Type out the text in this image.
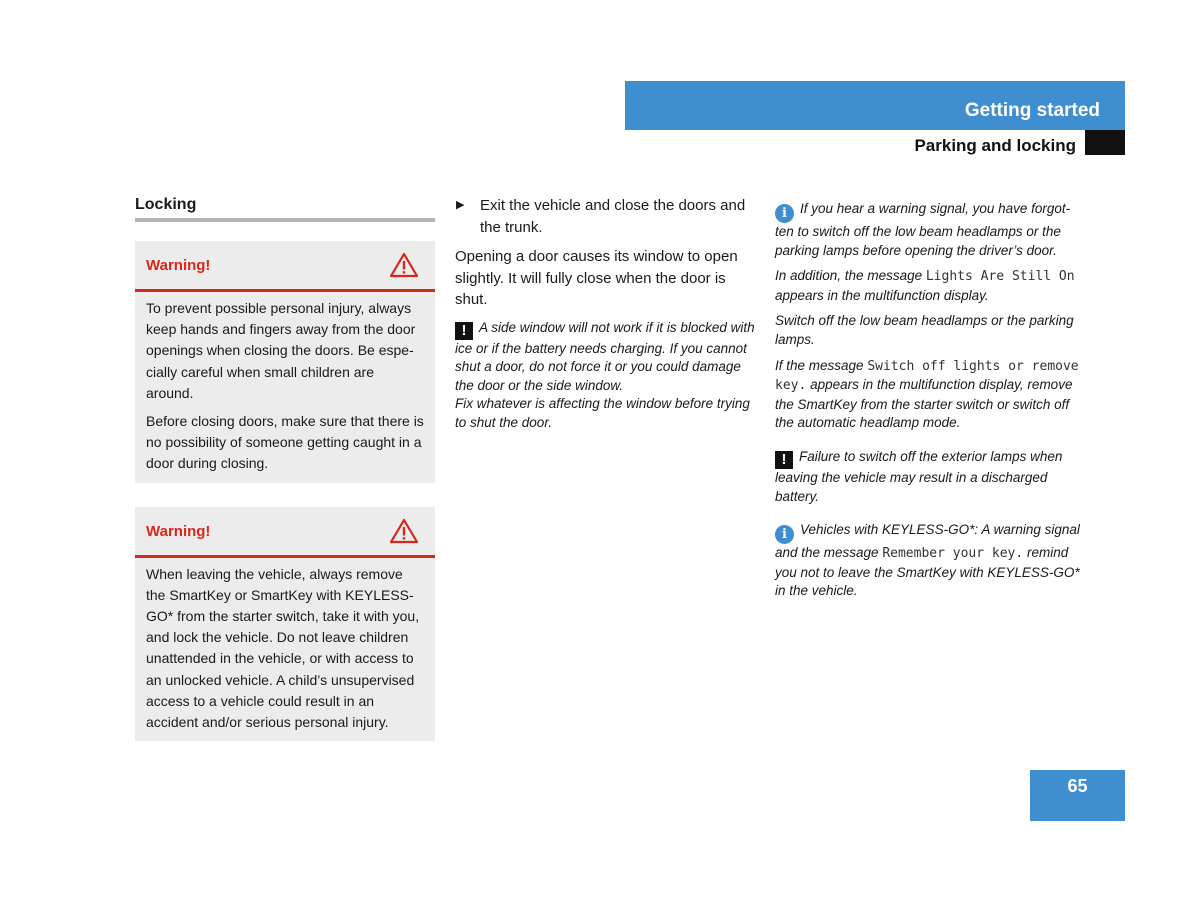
Getting started
Parking and locking
Locking
Warning!

To prevent possible personal injury, always keep hands and fingers away from the door openings when closing the doors. Be espe-cially careful when small children are around.

Before closing doors, make sure that there is no possibility of someone getting caught in a door during closing.

Warning!

When leaving the vehicle, always remove the SmartKey or SmartKey with KEYLESS-GO* from the starter switch, take it with you, and lock the vehicle. Do not leave children unattended in the vehicle, or with access to an unlocked vehicle. A child’s unsupervised access to a vehicle could result in an accident and/or serious personal injury.

▶ Exit the vehicle and close the doors and the trunk.

Opening a door causes its window to open slightly. It will fully close when the door is shut.

! A side window will not work if it is blocked with ice or if the battery needs charging. If you cannot shut a door, do not force it or you could damage the door or the side window.
Fix whatever is affecting the window before trying to shut the door.
i If you hear a warning signal, you have forgot-ten to switch off the low beam headlamps or the parking lamps before opening the driver’s door.
In addition, the message Lights Are Still On appears in the multifunction display.
Switch off the low beam headlamps or the parking lamps.
If the message Switch off lights or remove key. appears in the multifunction display, remove the SmartKey from the starter switch or switch off the automatic headlamp mode.
! Failure to switch off the exterior lamps when leaving the vehicle may result in a discharged battery.
i Vehicles with KEYLESS-GO*: A warning signal and the message Remember your key. remind you not to leave the SmartKey with KEYLESS-GO* in the vehicle.
65
